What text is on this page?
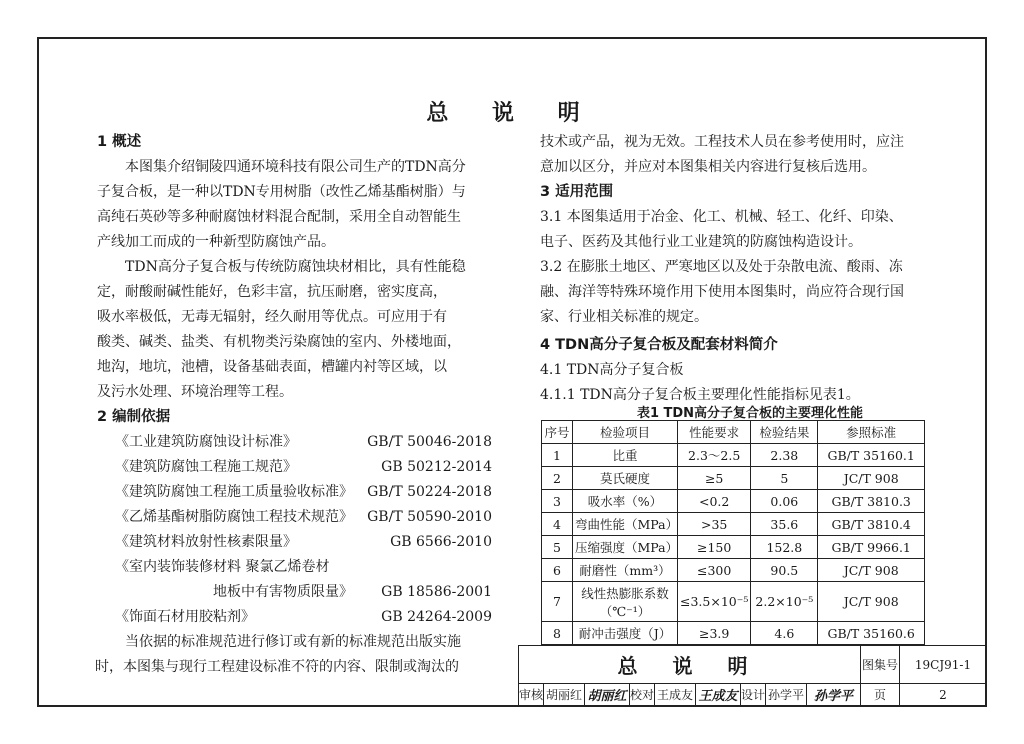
总 说 明
1 概述
本图集介绍铜陵四通环境科技有限公司生产的TDN高分
子复合板，是一种以TDN专用树脂（改性乙烯基酯树脂）与
高纯石英砂等多种耐腐蚀材料混合配制，采用全自动智能生
产线加工而成的一种新型防腐蚀产品。
TDN高分子复合板与传统防腐蚀块材相比，具有性能稳
定，耐酸耐碱性能好，色彩丰富，抗压耐磨，密实度高，
吸水率极低，无毒无辐射，经久耐用等优点。可应用于有
酸类、碱类、盐类、有机物类污染腐蚀的室内、外楼地面，
地沟，地坑，池槽，设备基础表面，槽罐内衬等区域，以
及污水处理、环境治理等工程。
2 编制依据
《工业建筑防腐蚀设计标准》	GB/T 50046-2018
《建筑防腐蚀工程施工规范》	GB 50212-2014
《建筑防腐蚀工程施工质量验收标准》 GB/T 50224-2018
《乙烯基酯树脂防腐蚀工程技术规范》 GB/T 50590-2010
《建筑材料放射性核素限量》	GB 6566-2010
《室内装饰装修材料 聚氯乙烯卷材
地板中有害物质限量》 GB 18586-2001
《饰面石材用胶粘剂》	GB 24264-2009
当依据的标准规范进行修订或有新的标准规范出版实施
时，本图集与现行工程建设标准不符的内容、限制或淘汰的
技术或产品，视为无效。工程技术人员在参考使用时，应注
意加以区分，并应对本图集相关内容进行复核后选用。
3 适用范围
3.1 本图集适用于冶金、化工、机械、轻工、化纤、印染、
电子、医药及其他行业工业建筑的防腐蚀构造设计。
3.2 在膨胀土地区、严寒地区以及处于杂散电流、酸雨、冻
融、海洋等特殊环境作用下使用本图集时，尚应符合现行国
家、行业相关标准的规定。
4 TDN高分子复合板及配套材料简介
4.1 TDN高分子复合板
4.1.1 TDN高分子复合板主要理化性能指标见表1。
表1 TDN高分子复合板的主要理化性能
序号	检验项目	性能要求	检验结果	参照标准
1	比重	2.3～2.5	2.38	GB/T 35160.1
2	莫氏硬度	≥5	5	JC/T 908
3	吸水率（%）	<0.2	0.06	GB/T 3810.3
4	弯曲性能（MPa）	>35	35.6	GB/T 3810.4
5	压缩强度（MPa）	≥150	152.8	GB/T 9966.1
6	耐磨性（mm³）	≤300	90.5	JC/T 908
7	线性热膨胀系数（℃⁻¹）	≤3.5×10⁻⁵	2.2×10⁻⁵	JC/T 908
8	耐冲击强度（J）	≥3.9	4.6	GB/T 35160.6
总 说 明									图集号	19CJ91-1
审核	胡丽红	胡丽红	校对	王成友	王成友	设计	孙学平	孙学平	页	2
